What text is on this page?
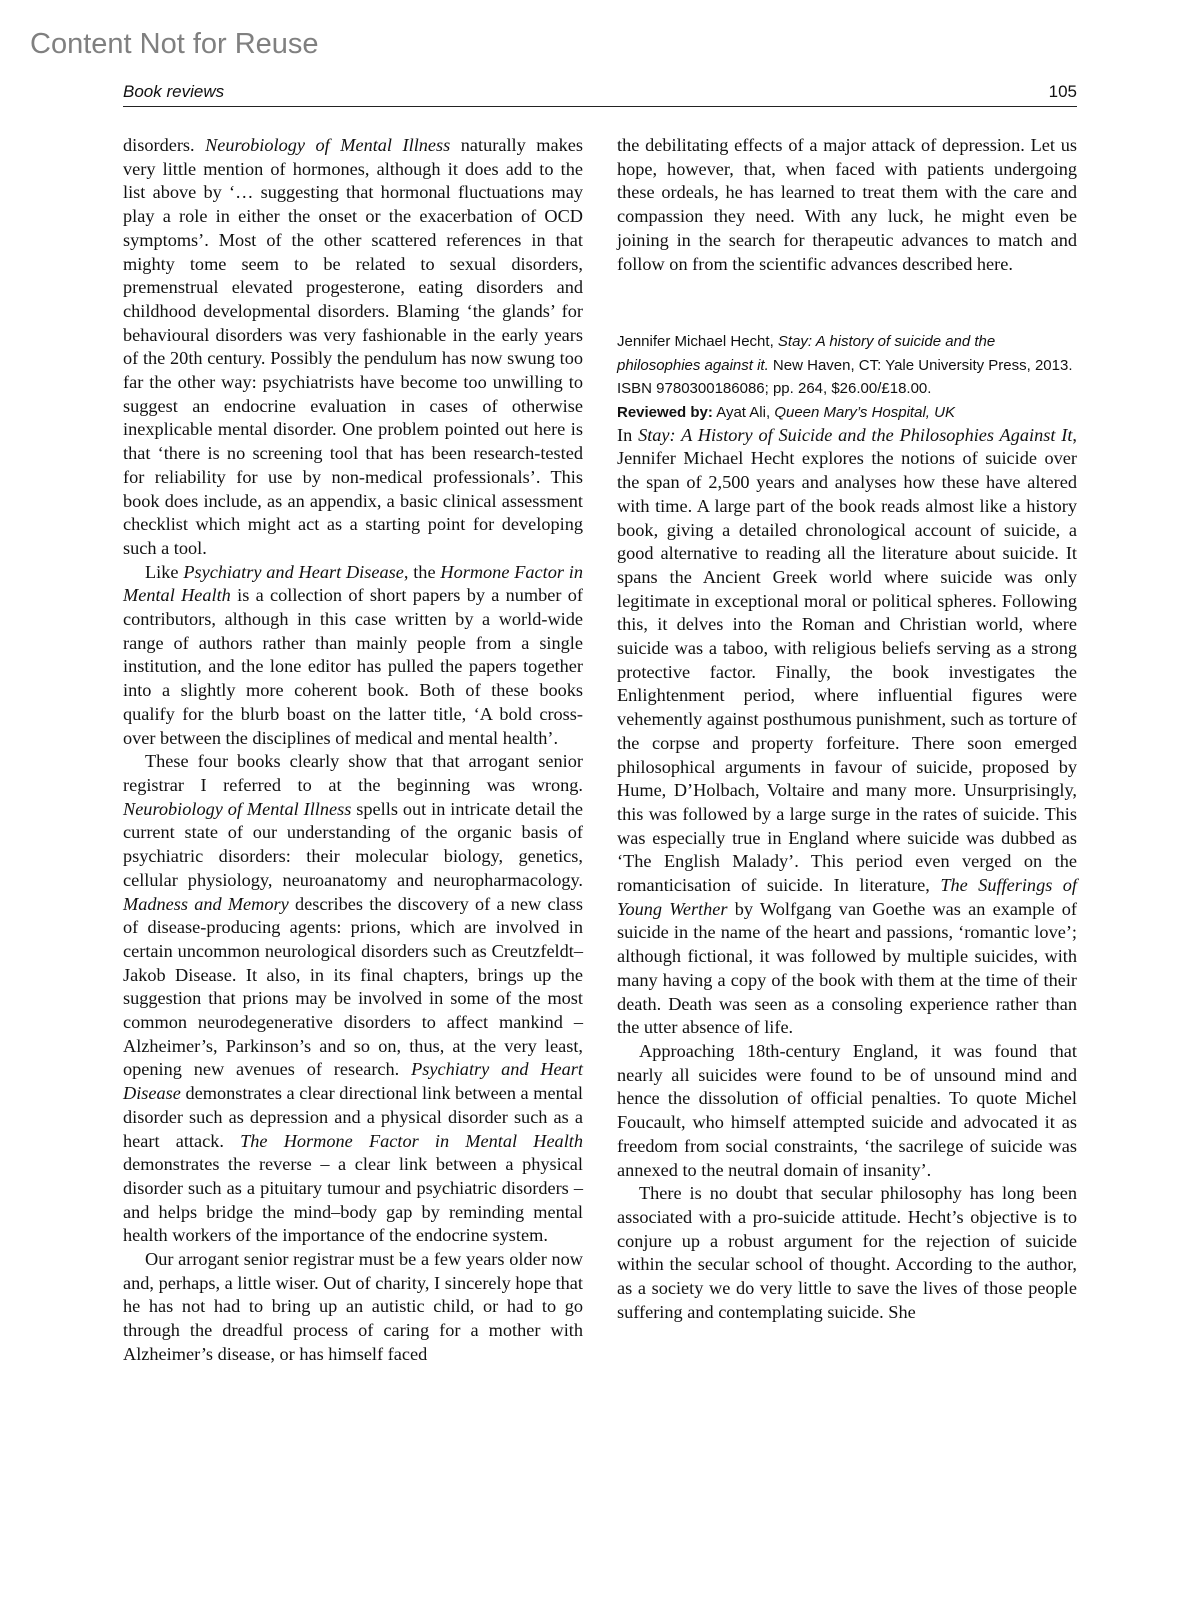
Content Not for Reuse
Book reviews	105

disorders. Neurobiology of Mental Illness naturally makes very little mention of hormones, although it does add to the list above by ‘… suggesting that hormonal fluctuations may play a role in either the onset or the exacerbation of OCD symptoms’. Most of the other scattered references in that mighty tome seem to be related to sexual disorders, premenstrual elevated progesterone, eating disorders and childhood developmental disorders. Blaming ‘the glands’ for behavioural disorders was very fashionable in the early years of the 20th century. Possibly the pendulum has now swung too far the other way: psychiatrists have become too unwilling to suggest an endocrine evaluation in cases of otherwise inexplicable mental disorder. One problem pointed out here is that ‘there is no screening tool that has been research-tested for reliability for use by non-medical professionals’. This book does include, as an appendix, a basic clinical assessment checklist which might act as a starting point for developing such a tool.

Like Psychiatry and Heart Disease, the Hormone Factor in Mental Health is a collection of short papers by a number of contributors, although in this case written by a world-wide range of authors rather than mainly people from a single institution, and the lone editor has pulled the papers together into a slightly more coherent book. Both of these books qualify for the blurb boast on the latter title, ‘A bold cross-over between the disciplines of medical and mental health’.

These four books clearly show that that arrogant senior registrar I referred to at the beginning was wrong. Neurobiology of Mental Illness spells out in intricate detail the current state of our understanding of the organic basis of psychiatric disorders: their molecular biology, genetics, cellular physiology, neuroanatomy and neuropharmacology. Madness and Memory describes the discovery of a new class of disease-producing agents: prions, which are involved in certain uncommon neurological disorders such as Creutzfeldt–Jakob Disease. It also, in its final chapters, brings up the suggestion that prions may be involved in some of the most common neurodegenerative disorders to affect mankind – Alzheimer’s, Parkinson’s and so on, thus, at the very least, opening new avenues of research. Psychiatry and Heart Disease demonstrates a clear directional link between a mental disorder such as depression and a physical disorder such as a heart attack. The Hormone Factor in Mental Health demonstrates the reverse – a clear link between a physical disorder such as a pituitary tumour and psychiatric disorders – and helps bridge the mind–body gap by reminding mental health workers of the importance of the endocrine system.

Our arrogant senior registrar must be a few years older now and, perhaps, a little wiser. Out of charity, I sincerely hope that he has not had to bring up an autistic child, or had to go through the dreadful process of caring for a mother with Alzheimer’s disease, or has himself faced

the debilitating effects of a major attack of depression. Let us hope, however, that, when faced with patients undergoing these ordeals, he has learned to treat them with the care and compassion they need. With any luck, he might even be joining in the search for therapeutic advances to match and follow on from the scientific advances described here.

Jennifer Michael Hecht, Stay: A history of suicide and the philosophies against it. New Haven, CT: Yale University Press, 2013. ISBN 9780300186086; pp. 264, $26.00/£18.00.

Reviewed by: Ayat Ali, Queen Mary’s Hospital, UK

In Stay: A History of Suicide and the Philosophies Against It, Jennifer Michael Hecht explores the notions of suicide over the span of 2,500 years and analyses how these have altered with time. A large part of the book reads almost like a history book, giving a detailed chronological account of suicide, a good alternative to reading all the literature about suicide. It spans the Ancient Greek world where suicide was only legitimate in exceptional moral or political spheres. Following this, it delves into the Roman and Christian world, where suicide was a taboo, with religious beliefs serving as a strong protective factor. Finally, the book investigates the Enlightenment period, where influential figures were vehemently against posthumous punishment, such as torture of the corpse and property forfeiture. There soon emerged philosophical arguments in favour of suicide, proposed by Hume, D’Holbach, Voltaire and many more. Unsurprisingly, this was followed by a large surge in the rates of suicide. This was especially true in England where suicide was dubbed as ‘The English Malady’. This period even verged on the romanticisation of suicide. In literature, The Sufferings of Young Werther by Wolfgang van Goethe was an example of suicide in the name of the heart and passions, ‘romantic love’; although fictional, it was followed by multiple suicides, with many having a copy of the book with them at the time of their death. Death was seen as a consoling experience rather than the utter absence of life.

Approaching 18th-century England, it was found that nearly all suicides were found to be of unsound mind and hence the dissolution of official penalties. To quote Michel Foucault, who himself attempted suicide and advocated it as freedom from social constraints, ‘the sacrilege of suicide was annexed to the neutral domain of insanity’.

There is no doubt that secular philosophy has long been associated with a pro-suicide attitude. Hecht’s objective is to conjure up a robust argument for the rejection of suicide within the secular school of thought. According to the author, as a society we do very little to save the lives of those people suffering and contemplating suicide. She
